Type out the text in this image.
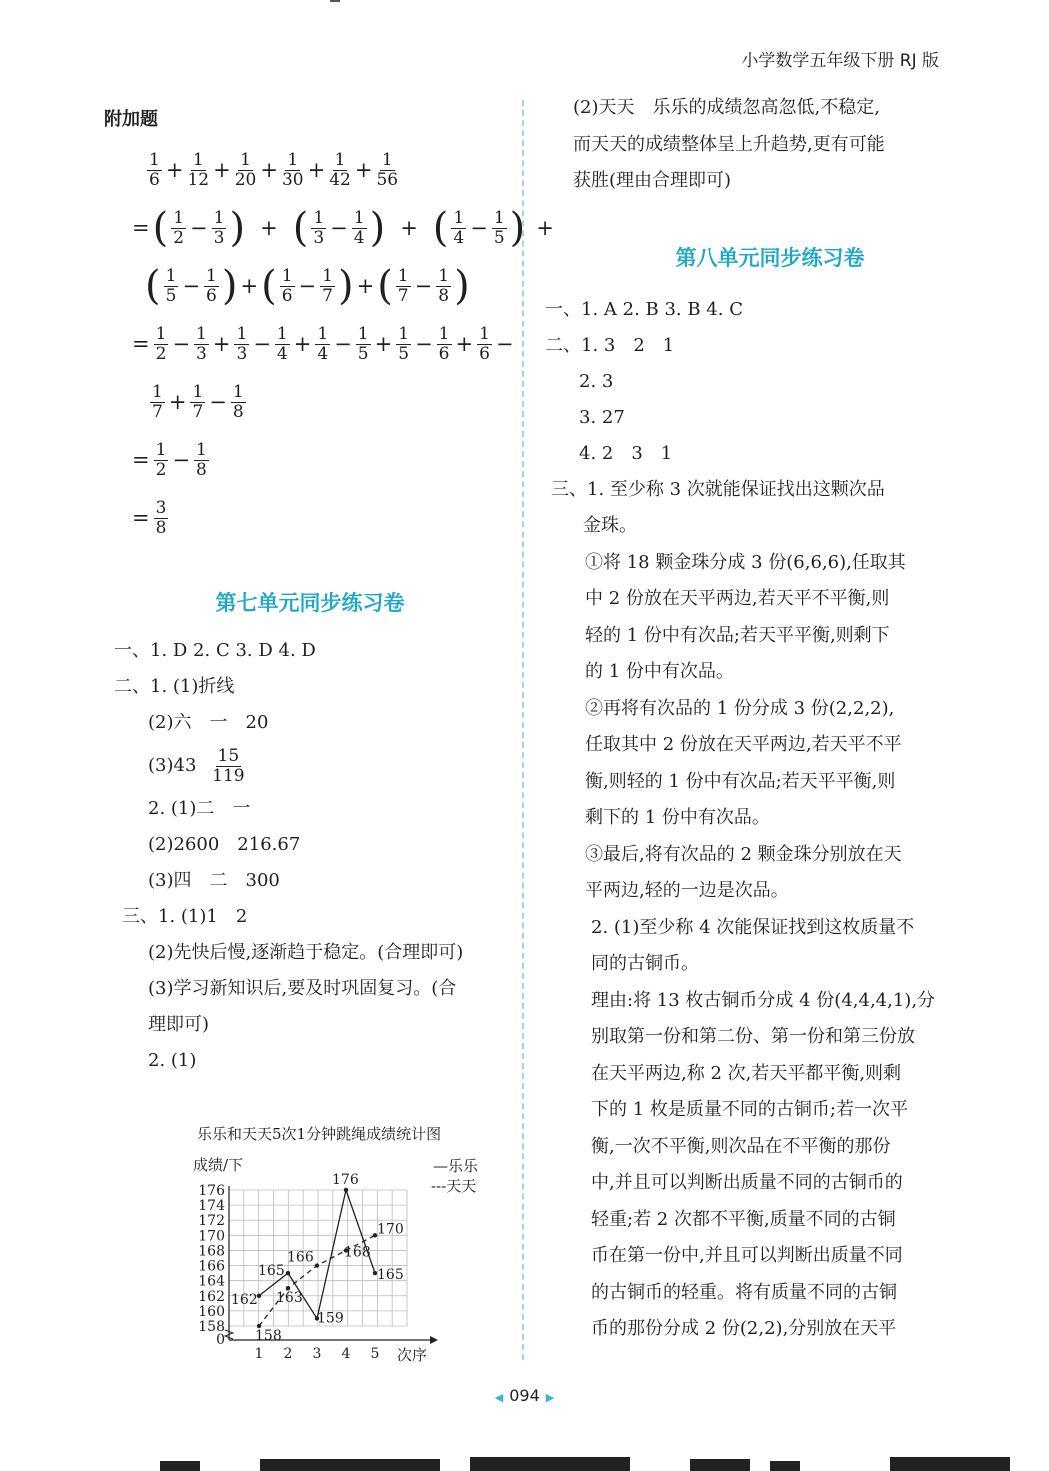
小学数学五年级下册 RJ 版
附加题
$\frac{1}{6} + \frac{1}{12} + \frac{1}{20} + \frac{1}{30} + \frac{1}{42} + \frac{1}{56}$
= ( $\frac{1}{2} - \frac{1}{3}$ ) + ( $\frac{1}{3} - \frac{1}{4}$ ) + ( $\frac{1}{4} - \frac{1}{5}$ ) +
( $\frac{1}{5} - \frac{1}{6}$ ) + ( $\frac{1}{6} - \frac{1}{7}$ ) + ( $\frac{1}{7} - \frac{1}{8}$ )
= $\frac{1}{2} - \frac{1}{3} + \frac{1}{3} - \frac{1}{4} + \frac{1}{4} - \frac{1}{5} + \frac{1}{5} - \frac{1}{6} + \frac{1}{6}$ −
$\frac{1}{7} + \frac{1}{7} - \frac{1}{8}$
= $\frac{1}{2} - \frac{1}{8}$
= $\frac{3}{8}$
第七单元同步练习卷
一、1. D 2. C 3. D 4. D
二、1. (1)折线
(2)六　一　20
$(3)43 \frac{15}{119}$
2. (1)二　一
(2)2600　216.67
(3)四　二　300
三、1. (1)1　2
(2)先快后慢,逐渐趋于稳定。(合理即可)
(3)学习新知识后,要及时巩固复习。(合
理即可)
2. (1)
乐乐和天天5次1分钟跳绳成绩统计图
176
174
172
170
168
166
164
162
160
158
0
1 2 3 4 5 次序
成绩/下	—乐乐
---天天
162
165
159
176
165
158
163
166 168
170
(2)天天　乐乐的成绩忽高忽低,不稳定,
而天天的成绩整体呈上升趋势,更有可能
获胜(理由合理即可)
第八单元同步练习卷
一、1. A 2. B 3. B 4. C
二、1. 3　2　1
2. 3
3. 27
4. 2　3　1
三、1. 至少称 3 次就能保证找出这颗次品
金珠。
①将 18 颗金珠分成 3 份(6,6,6),任取其
中 2 份放在天平两边,若天平不平衡,则
轻的 1 份中有次品;若天平平衡,则剩下
的 1 份中有次品。
②再将有次品的 1 份分成 3 份(2,2,2),
任取其中 2 份放在天平两边,若天平不平
衡,则轻的 1 份中有次品;若天平平衡,则
剩下的 1 份中有次品。
③最后,将有次品的 2 颗金珠分别放在天
平两边,轻的一边是次品。
2. (1)至少称 4 次能保证找到这枚质量不
同的古铜币。
理由:将 13 枚古铜币分成 4 份(4,4,4,1),分
别取第一份和第二份、第一份和第三份放
在天平两边,称 2 次,若天平都平衡,则剩
下的 1 枚是质量不同的古铜币;若一次平
衡,一次不平衡,则次品在不平衡的那份
中,并且可以判断出质量不同的古铜币的
轻重;若 2 次都不平衡,质量不同的古铜
币在第一份中,并且可以判断出质量不同
的古铜币的轻重。将有质量不同的古铜
币的那份分成 2 份(2,2),分别放在天平
◀ 094 ▶
